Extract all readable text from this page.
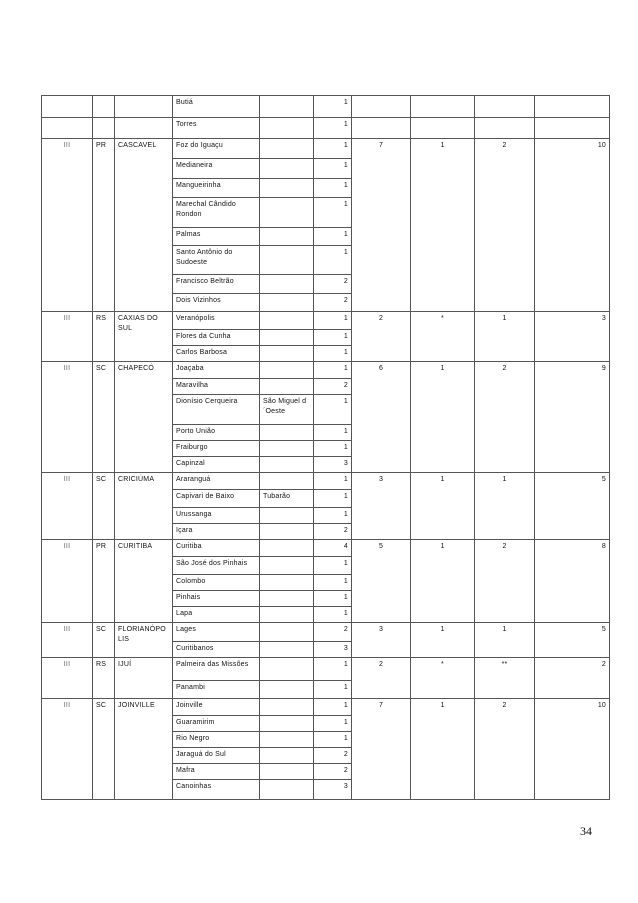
			Butiá		1				
			Torres		1				
III	PR	CASCAVEL	Foz do Iguaçu		1	7	1	2	10
			Medianeira		1				
			Mangueirinha		1				
			Marechal Cândido Rondon		1				
			Palmas		1				
			Santo Antônio do Sudoeste		1				
			Francisco Beltrão		2				
			Dois Vizinhos		2				
III	RS	CAXIAS DO SUL	Veranópolis		1	2	*	1	3
			Flores da Cunha		1				
			Carlos Barbosa		1				
III	SC	CHAPECÓ	Joaçaba		1	6	1	2	9
			Maravilha		2				
			Dionísio Cerqueira	São Miguel d´Oeste	1				
			Porto União		1				
			Fraiburgo		1				
			Capinzal		3				
III	SC	CRICIÚMA	Araranguá		1	3	1	1	5
			Capivari de Baixo	Tubarão	1				
			Urussanga		1				
			Içara		2				
III	PR	CURITIBA	Curitiba		4	5	1	2	8
			São José dos Pinhais		1				
			Colombo		1				
			Pinhais		1				
			Lapa		1				
III	SC	FLORIANÓPOLIS	Lages		2	3	1	1	5
			Curitibanos		3				
III	RS	IJUÍ	Palmeira das Missões		1	2	*	**	2
			Panambi		1				
III	SC	JOINVILLE	Joinville		1	7	1	2	10
			Guaramirim		1				
			Rio Negro		1				
			Jaraguá do Sul		2				
			Mafra		2				
			Canoinhas		3				
34
